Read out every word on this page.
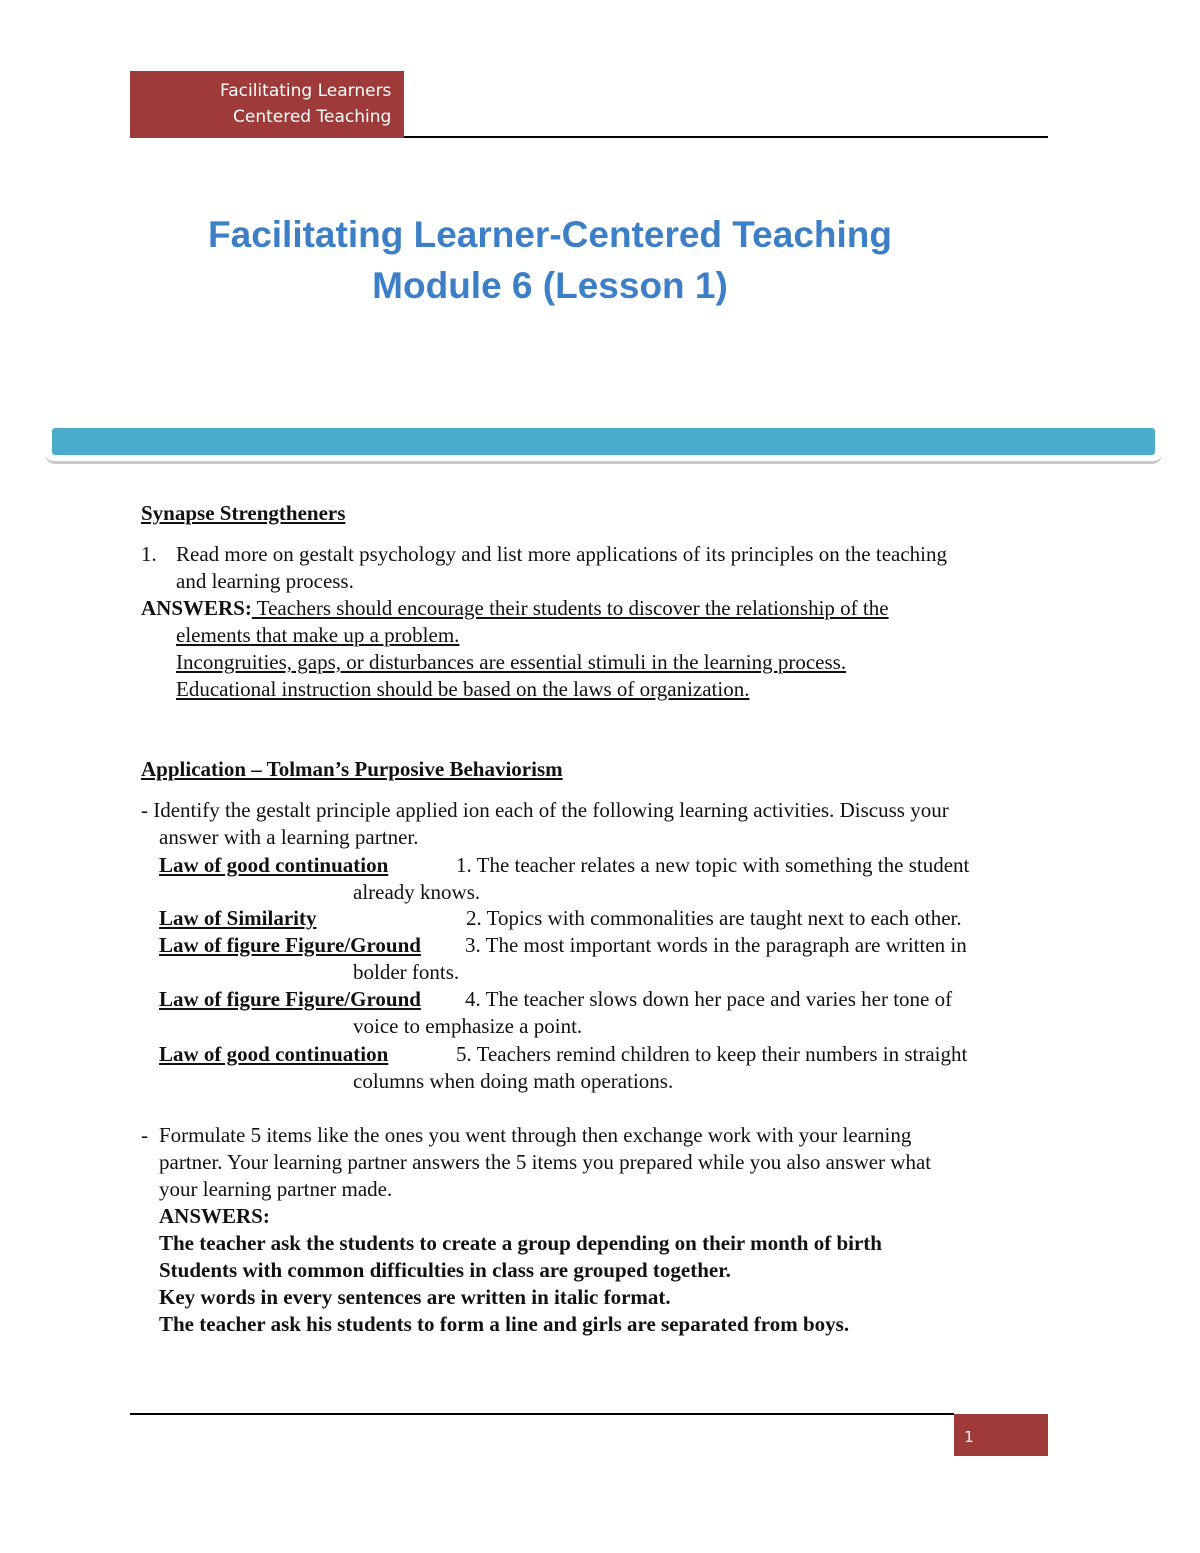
Facilitating Learners
Centered Teaching
Facilitating Learner-Centered Teaching
Module 6 (Lesson 1)
Synapse Strengtheners
1. Read more on gestalt psychology and list more applications of its principles on the teaching
and learning process.
ANSWERS: Teachers should encourage their students to discover the relationship of the
elements that make up a problem.
Incongruities, gaps, or disturbances are essential stimuli in the learning process.
Educational instruction should be based on the laws of organization.
Application – Tolman’s Purposive Behaviorism
- Identify the gestalt principle applied ion each of the following learning activities. Discuss your
answer with a learning partner.
Law of good continuation	1. The teacher relates a new topic with something the student
already knows.
Law of Similarity	2. Topics with commonalities are taught next to each other.
Law of figure Figure/Ground 3. The most important words in the paragraph are written in
bolder fonts.
Law of figure Figure/Ground 4. The teacher slows down her pace and varies her tone of
voice to emphasize a point.
Law of good continuation	5. Teachers remind children to keep their numbers in straight
columns when doing math operations.
- Formulate 5 items like the ones you went through then exchange work with your learning
partner. Your learning partner answers the 5 items you prepared while you also answer what
your learning partner made.
ANSWERS:
The teacher ask the students to create a group depending on their month of birth
Students with common difficulties in class are grouped together.
Key words in every sentences are written in italic format.
The teacher ask his students to form a line and girls are separated from boys.
1
